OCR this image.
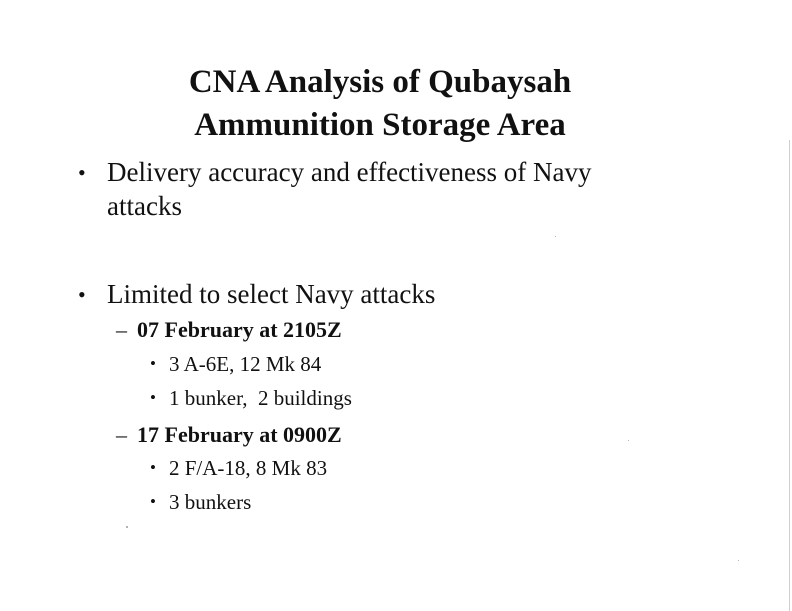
CNA Analysis of Qubaysah
Ammunition Storage Area
• Delivery accuracy and effectiveness of Navy
attacks
• Limited to select Navy attacks
– 07 February at 2105Z
• 3 A-6E, 12 Mk 84
• 1 bunker,  2 buildings
– 17 February at 0900Z
• 2 F/A-18, 8 Mk 83
• 3 bunkers
